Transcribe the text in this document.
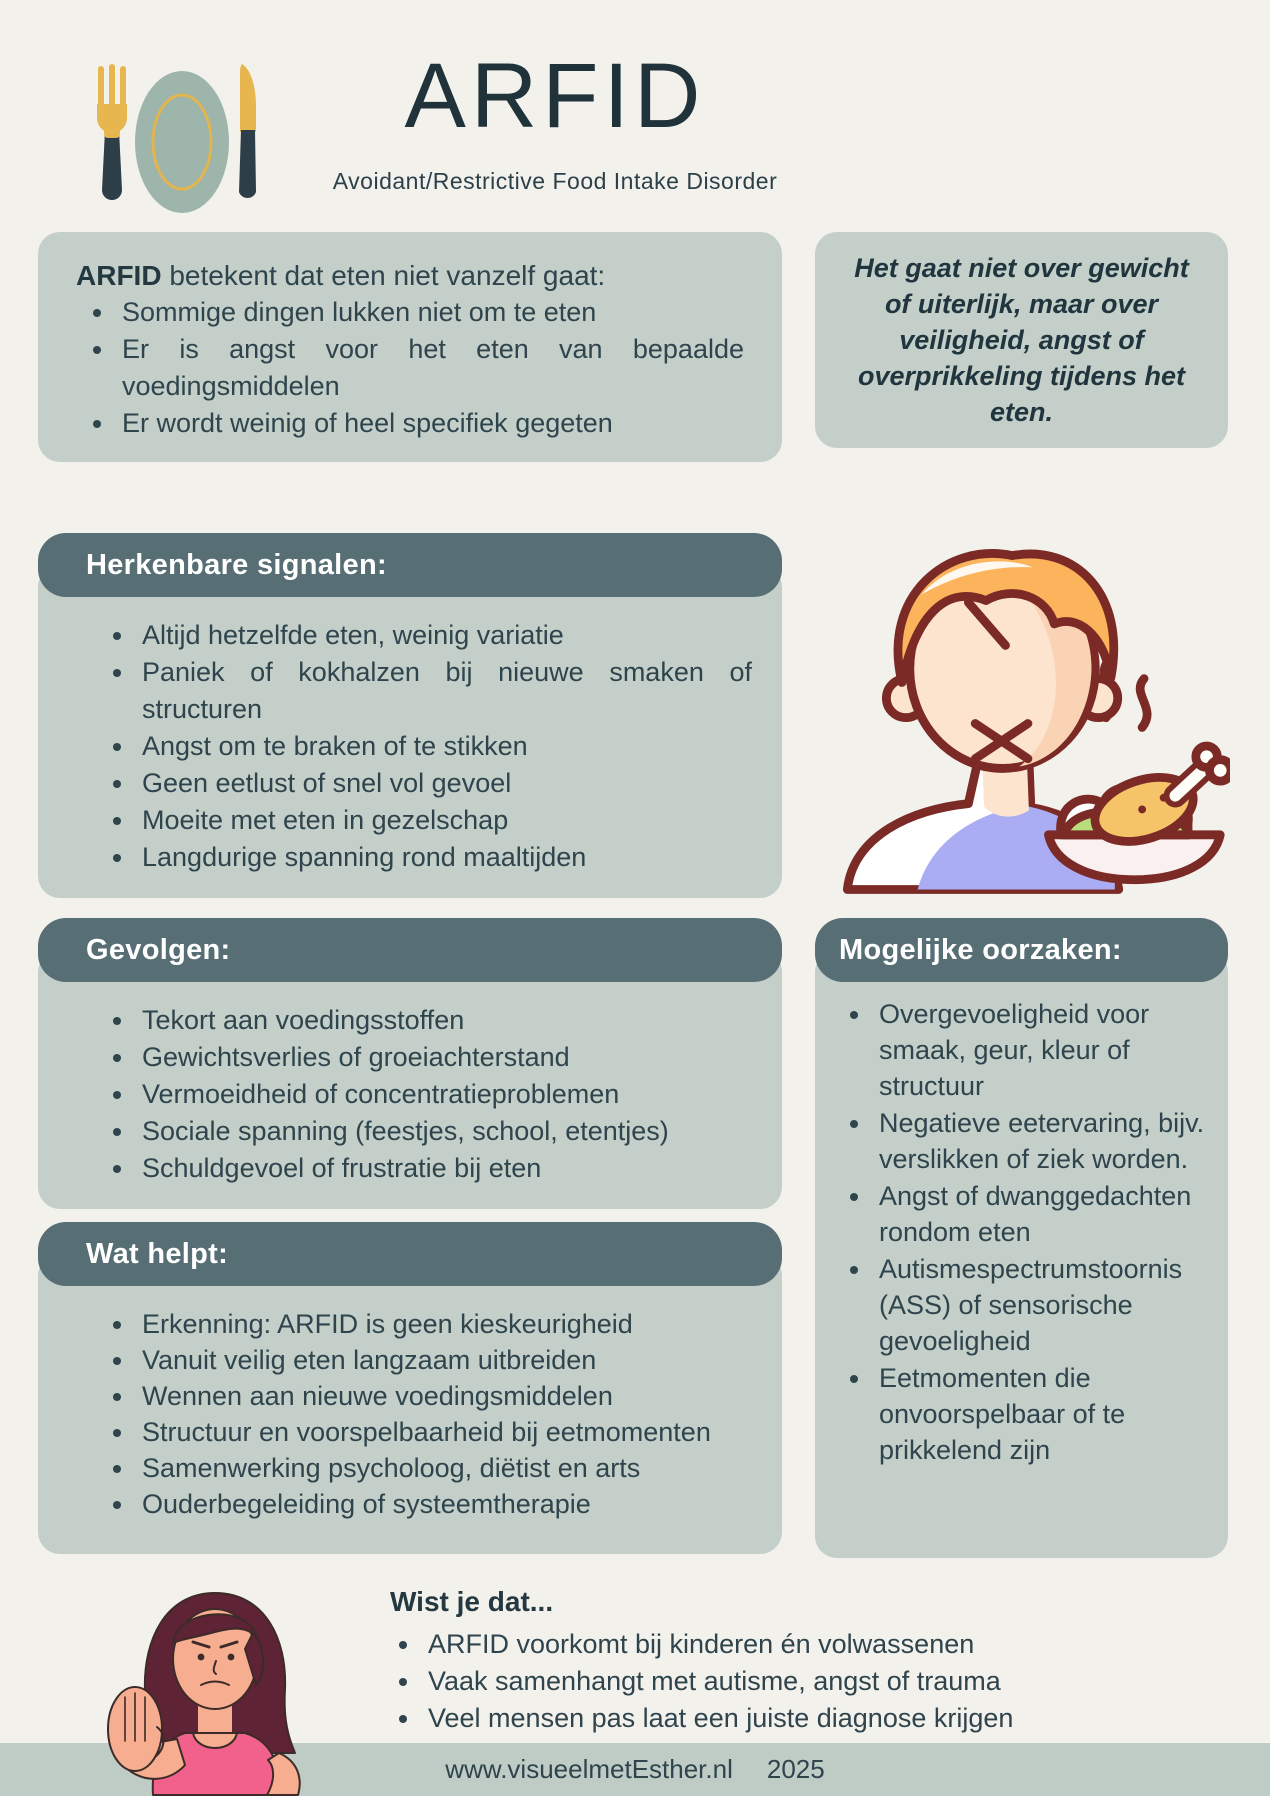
ARFID
Avoidant/Restrictive Food Intake Disorder
ARFID betekent dat eten niet vanzelf gaat:
• Sommige dingen lukken niet om te eten
• Er is angst voor het eten van bepaalde voedingsmiddelen
• Er wordt weinig of heel specifiek gegeten
Het gaat niet over gewicht of uiterlijk, maar over veiligheid, angst of overprikkeling tijdens het eten.
Herkenbare signalen:
• Altijd hetzelfde eten, weinig variatie
• Paniek of kokhalzen bij nieuwe smaken of structuren
• Angst om te braken of te stikken
• Geen eetlust of snel vol gevoel
• Moeite met eten in gezelschap
• Langdurige spanning rond maaltijden
Gevolgen:
• Tekort aan voedingsstoffen
• Gewichtsverlies of groeiachterstand
• Vermoeidheid of concentratieproblemen
• Sociale spanning (feestjes, school, etentjes)
• Schuldgevoel of frustratie bij eten
Mogelijke oorzaken:
• Overgevoeligheid voor smaak, geur, kleur of structuur
• Negatieve eetervaring, bijv. verslikken of ziek worden.
• Angst of dwanggedachten rondom eten
• Autismespectrumstoornis (ASS) of sensorische gevoeligheid
• Eetmomenten die onvoorspelbaar of te prikkelend zijn
Wat helpt:
• Erkenning: ARFID is geen kieskeurigheid
• Vanuit veilig eten langzaam uitbreiden
• Wennen aan nieuwe voedingsmiddelen
• Structuur en voorspelbaarheid bij eetmomenten
• Samenwerking psycholoog, diëtist en arts
• Ouderbegeleiding of systeemtherapie
Wist je dat...
• ARFID voorkomt bij kinderen én volwassenen
• Vaak samenhangt met autisme, angst of trauma
• Veel mensen pas laat een juiste diagnose krijgen
www.visueelmetEsther.nl 2025
